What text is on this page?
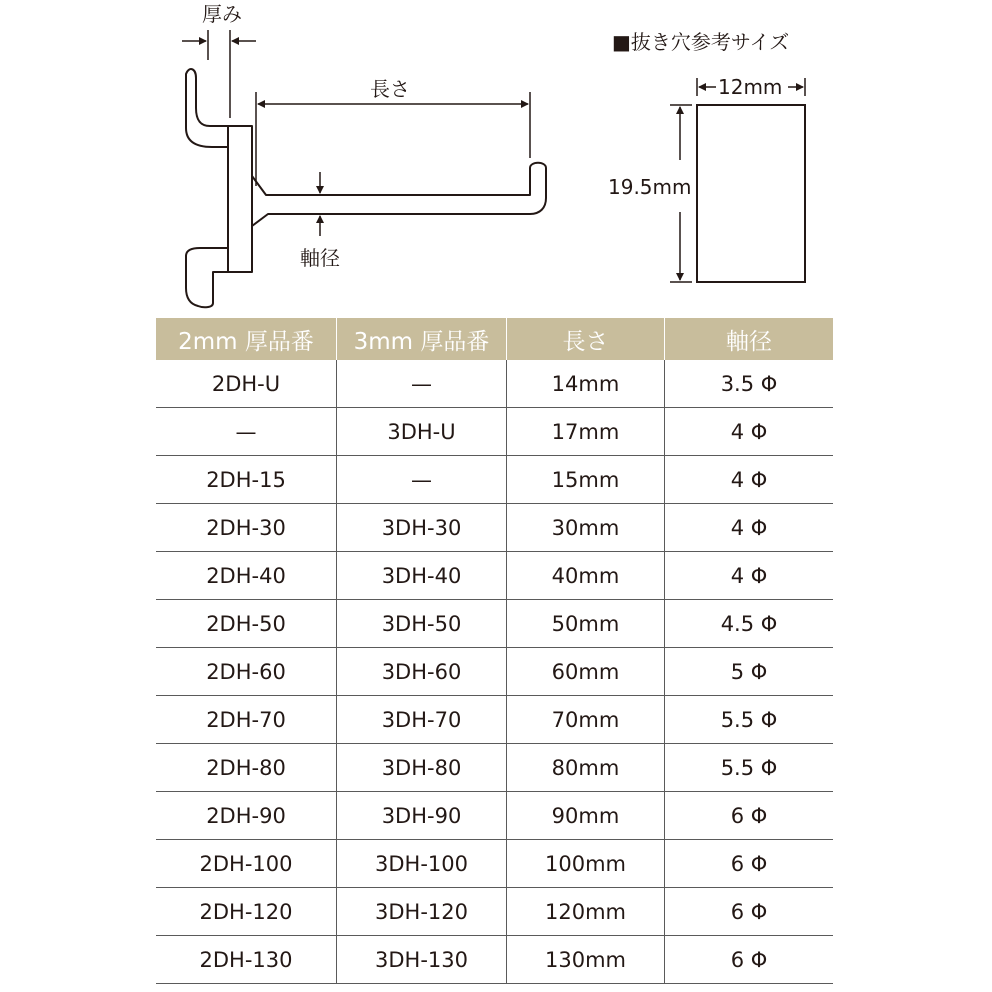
厚み
長さ
軸径
■抜き穴参考サイズ
12mm
19.5mm
2mm 厚品番	3mm 厚品番	長さ	軸径
2DH-U	—	14mm	3.5 Φ
—	3DH-U	17mm	4 Φ
2DH-15	—	15mm	4 Φ
2DH-30	3DH-30	30mm	4 Φ
2DH-40	3DH-40	40mm	4 Φ
2DH-50	3DH-50	50mm	4.5 Φ
2DH-60	3DH-60	60mm	5 Φ
2DH-70	3DH-70	70mm	5.5 Φ
2DH-80	3DH-80	80mm	5.5 Φ
2DH-90	3DH-90	90mm	6 Φ
2DH-100	3DH-100	100mm	6 Φ
2DH-120	3DH-120	120mm	6 Φ
2DH-130	3DH-130	130mm	6 Φ
